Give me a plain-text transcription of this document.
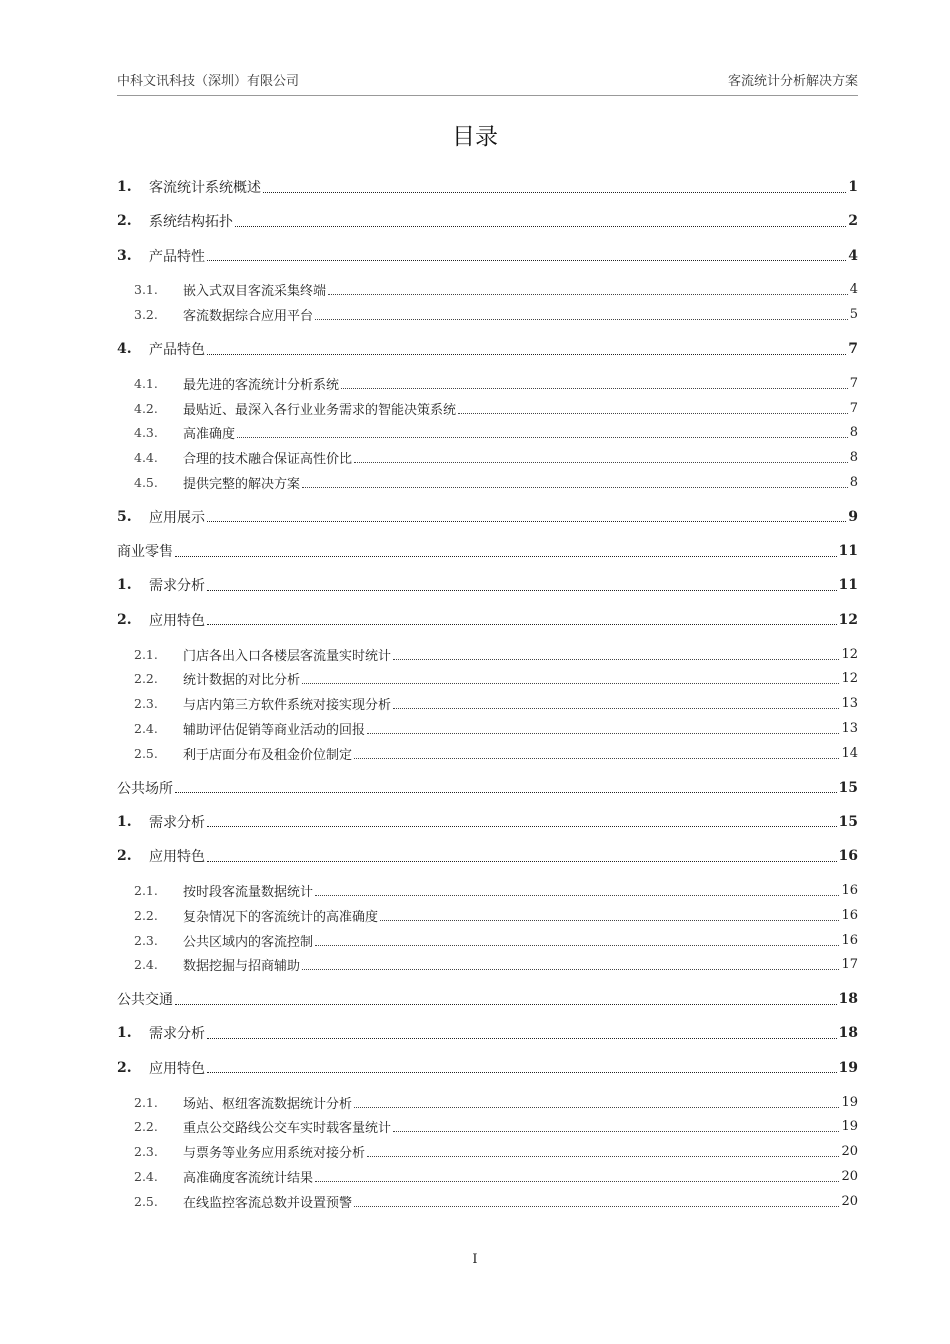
中科文讯科技（深圳）有限公司	客流统计分析解决方案
目录
1.	客流统计系统概述	1
2.	系统结构拓扑	2
3.	产品特性	4
3.1.	嵌入式双目客流采集终端	4
3.2.	客流数据综合应用平台	5
4.	产品特色	7
4.1.	最先进的客流统计分析系统	7
4.2.	最贴近、最深入各行业业务需求的智能决策系统	7
4.3.	高准确度	8
4.4.	合理的技术融合保证高性价比	8
4.5.	提供完整的解决方案	8
5.	应用展示	9
商业零售	11
1.	需求分析	11
2.	应用特色	12
2.1.	门店各出入口各楼层客流量实时统计	12
2.2.	统计数据的对比分析	12
2.3.	与店内第三方软件系统对接实现分析	13
2.4.	辅助评估促销等商业活动的回报	13
2.5.	利于店面分布及租金价位制定	14
公共场所	15
1.	需求分析	15
2.	应用特色	16
2.1.	按时段客流量数据统计	16
2.2.	复杂情况下的客流统计的高准确度	16
2.3.	公共区域内的客流控制	16
2.4.	数据挖掘与招商辅助	17
公共交通	18
1.	需求分析	18
2.	应用特色	19
2.1.	场站、枢纽客流数据统计分析	19
2.2.	重点公交路线公交车实时载客量统计	19
2.3.	与票务等业务应用系统对接分析	20
2.4.	高准确度客流统计结果	20
2.5.	在线监控客流总数并设置预警	20
I
